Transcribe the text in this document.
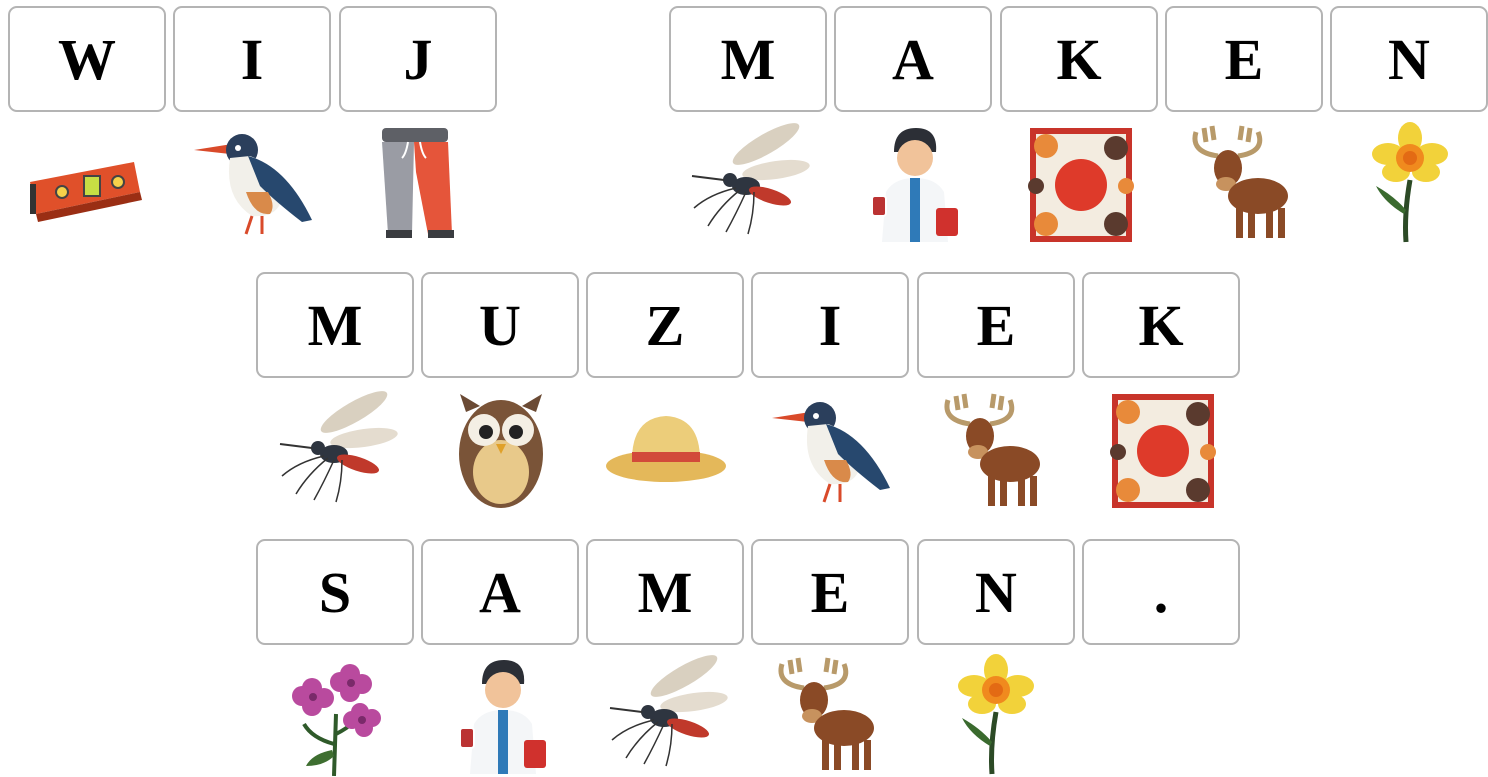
W	I	J	M	A	K	E	N
M	U	Z	I	E	K
S	A	M	E	N	.
